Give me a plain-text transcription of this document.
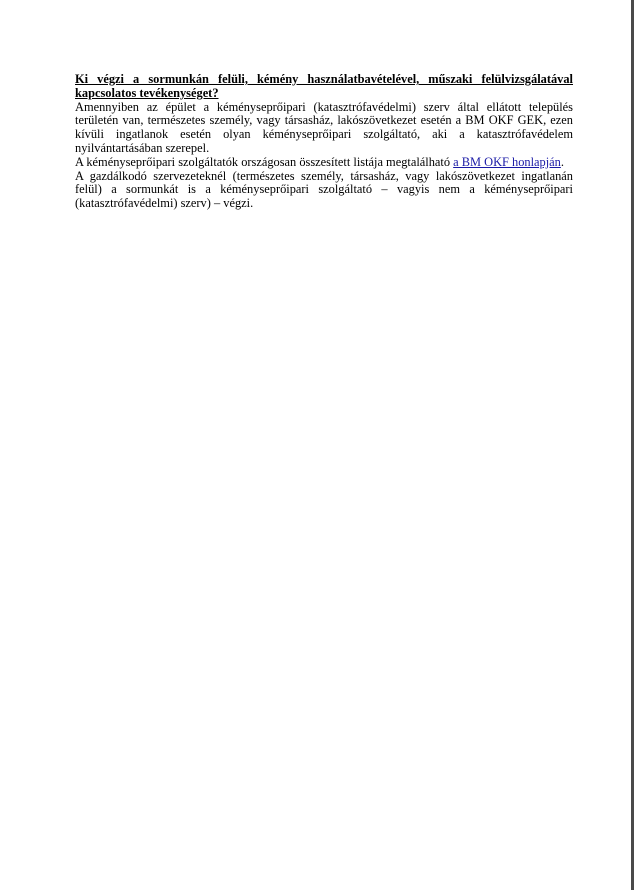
Ki végzi a sormunkán felüli, kémény használatbavételével, műszaki felülvizsgálatával kapcsolatos tevékenységet?

Amennyiben az épület a kéményseprőipari (katasztrófavédelmi) szerv által ellátott település területén van, természetes személy, vagy társasház, lakószövetkezet esetén a BM OKF GEK, ezen kívüli ingatlanok esetén olyan kéményseprőipari szolgáltató, aki a katasztrófavédelem nyilvántartásában szerepel.

A kéményseprőipari szolgáltatók országosan összesített listája megtalálható a BM OKF honlapján.

A gazdálkodó szervezeteknél (természetes személy, társasház, vagy lakószövetkezet ingatlanán felül) a sormunkát is a kéményseprőipari szolgáltató – vagyis nem a kéményseprőipari (katasztrófavédelmi) szerv) – végzi.
